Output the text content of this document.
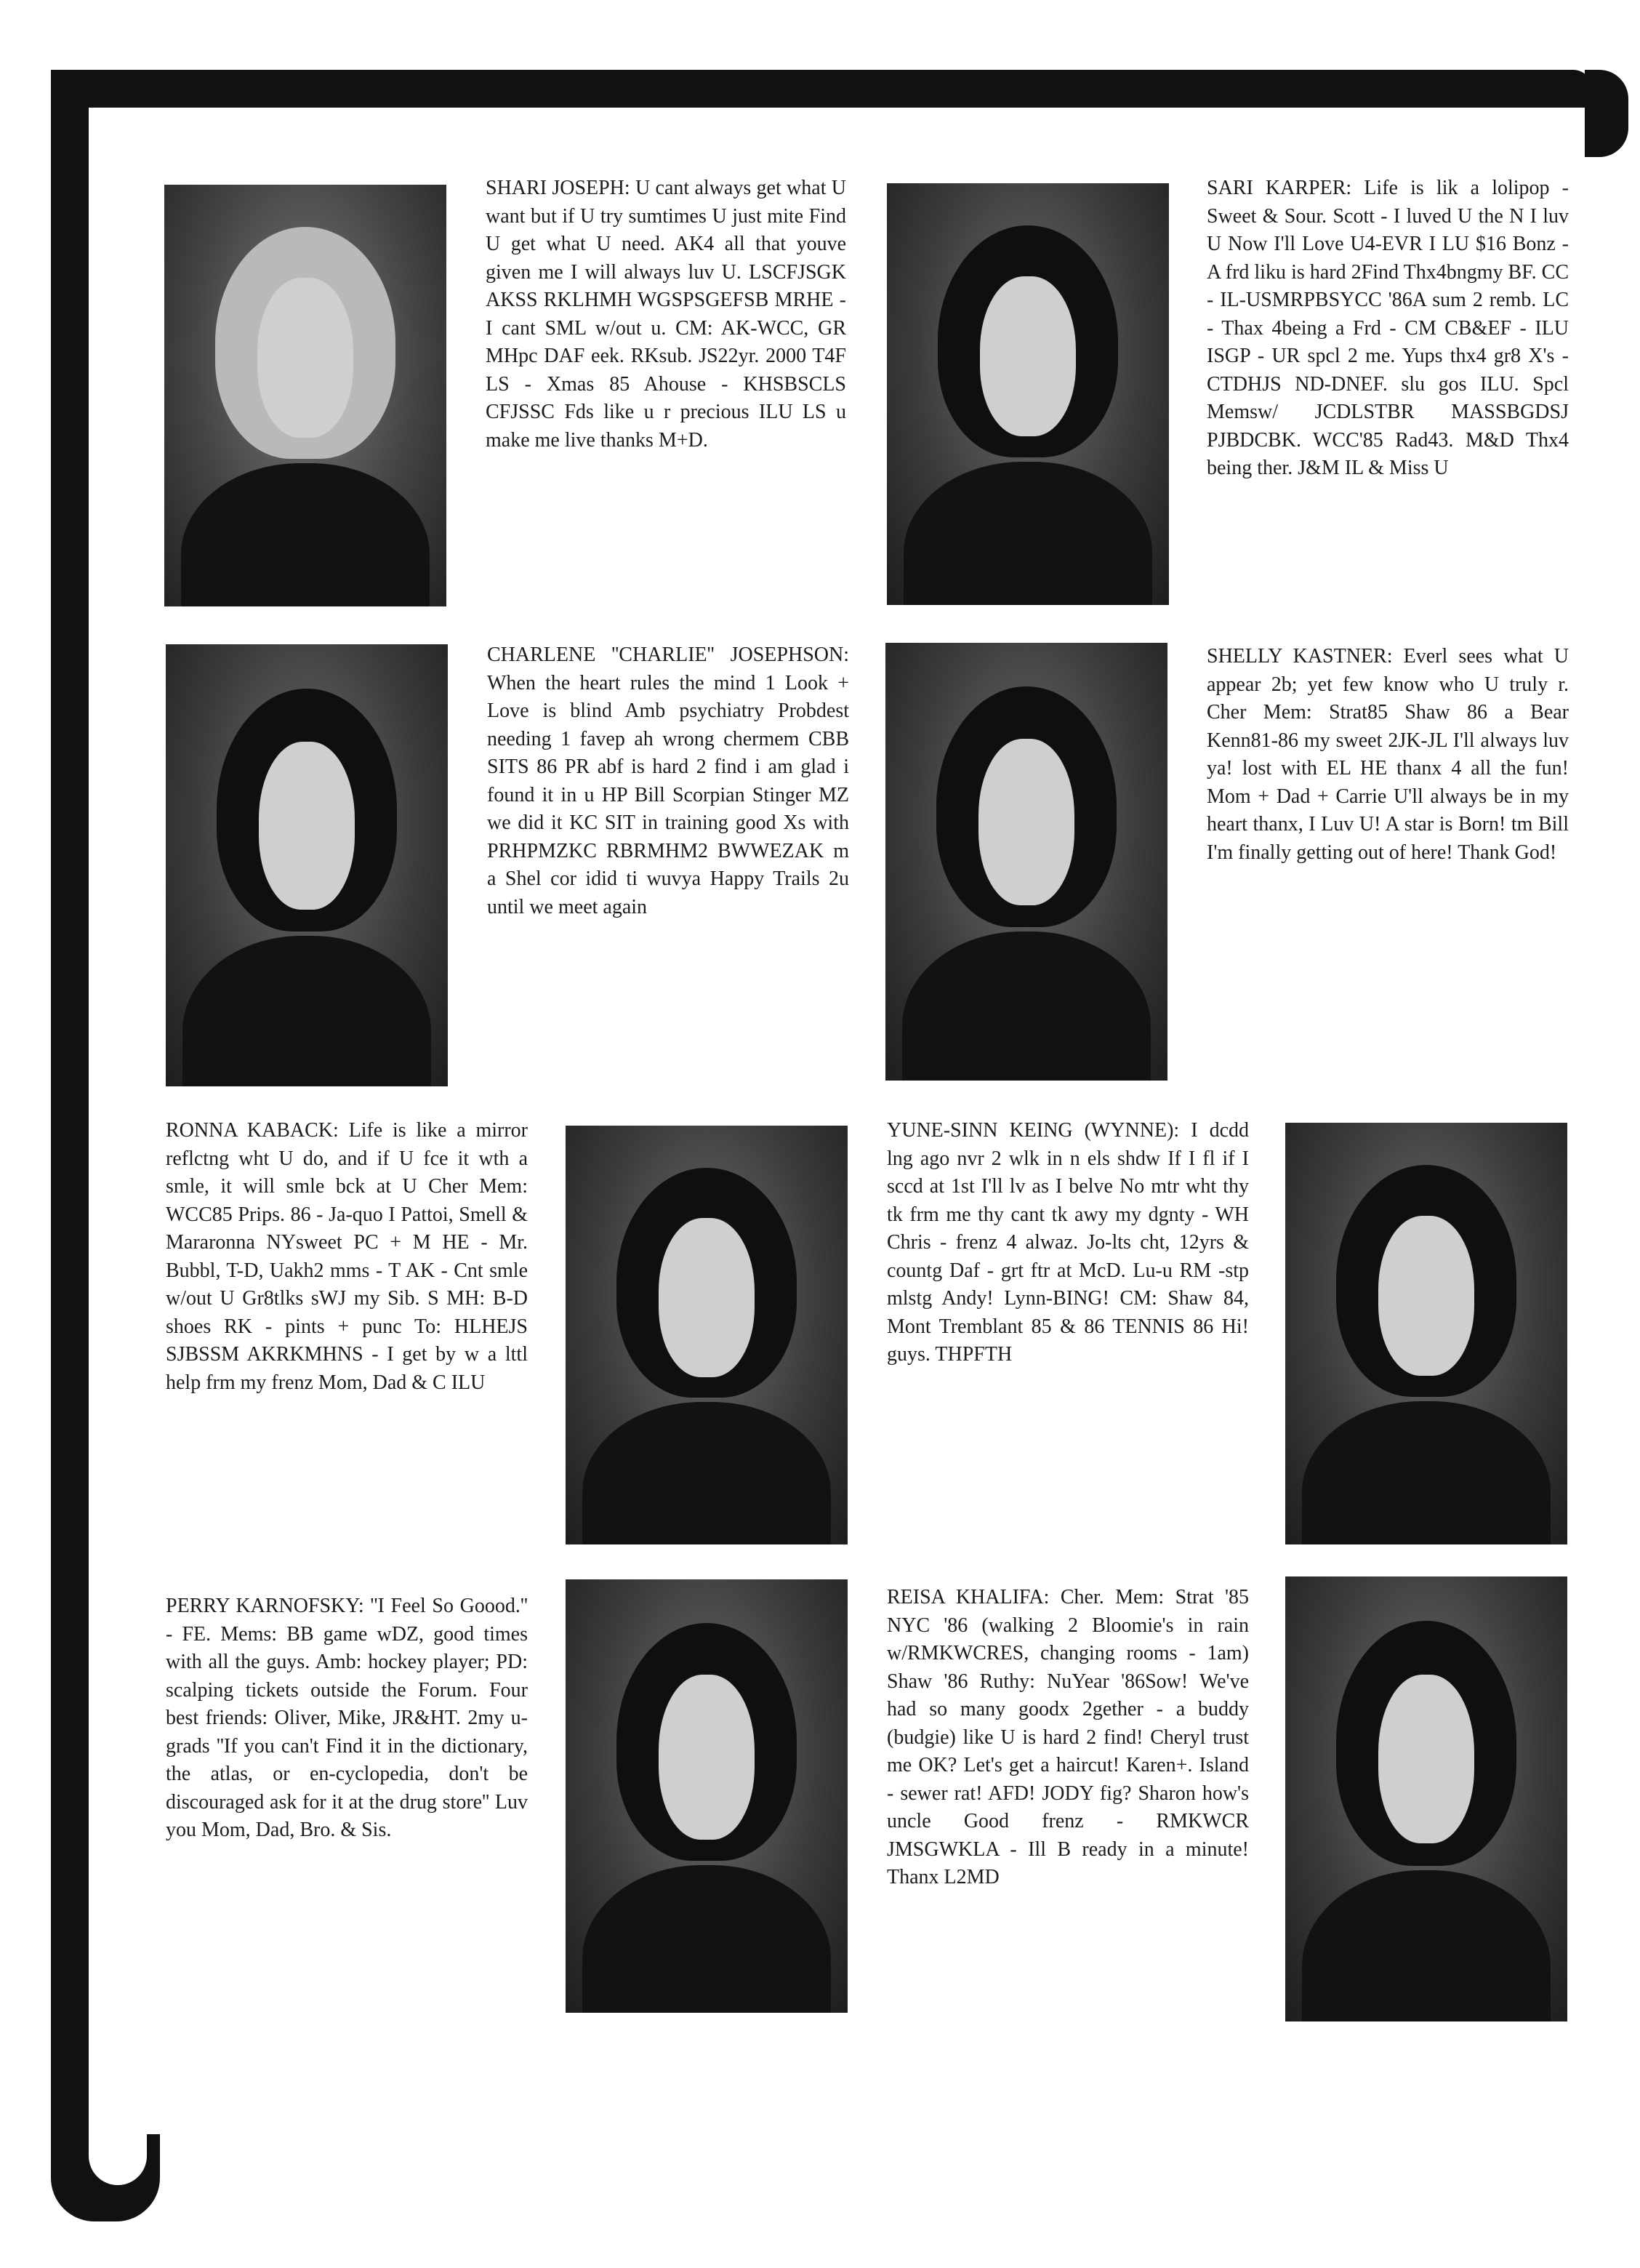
SHARI JOSEPH: U cant always get what U want but if U try sumtimes U just mite Find U get what U need. AK4 all that youve given me I will always luv U. LSCFJSGK AKSS RKLHMH WGSPSGEFSB MRHE - I cant SML w/out u. CM: AK-WCC, GR MHpc DAF eek. RKsub. JS22yr. 2000 T4F LS - Xmas 85 Ahouse - KHSBSCLS CFJSSC Fds like u r precious ILU LS u make me live thanks M+D.
SARI KARPER: Life is lik a lolipop - Sweet & Sour. Scott - I luved U the N I luv U Now I'll Love U4-EVR I LU $16 Bonz - A frd liku is hard 2Find Thx4bngmy BF. CC - IL-USMRPBSYCC '86A sum 2 remb. LC - Thax 4being a Frd - CM CB&EF - ILU ISGP - UR spcl 2 me. Yups thx4 gr8 X's - CTDHJS ND-DNEF. slu gos ILU. Spcl Memsw/ JCDLSTBR MASSBGDSJ PJBDCBK. WCC'85 Rad43. M&D Thx4 being ther. J&M IL & Miss U
CHARLENE ''CHARLIE'' JOSEPHSON: When the heart rules the mind 1 Look + Love is blind Amb psychiatry Probdest needing 1 favep ah wrong chermem CBB SITS 86 PR abf is hard 2 find i am glad i found it in u HP Bill Scorpian Stinger MZ we did it KC SIT in training good Xs with PRHPMZKC RBRMHM2 BWWEZAK m a Shel cor idid ti wuvya Happy Trails 2u until we meet again
SHELLY KASTNER: Everl sees what U appear 2b; yet few know who U truly r. Cher Mem: Strat85 Shaw 86 a Bear Kenn81-86 my sweet 2JK-JL I'll always luv ya! lost with EL HE thanx 4 all the fun! Mom + Dad + Carrie U'll always be in my heart thanx, I Luv U! A star is Born! tm Bill I'm finally getting out of here! Thank God!
RONNA KABACK: Life is like a mirror reflctng wht U do, and if U fce it wth a smle, it will smle bck at U Cher Mem: WCC85 Prips. 86 - Ja-quo I Pattoi, Smell & Mararonna NYsweet PC + M HE - Mr. Bubbl, T-D, Uakh2 mms - T AK - Cnt smle w/out U Gr8tlks sWJ my Sib. S MH: B-D shoes RK - pints + punc To: HLHEJS SJBSSM AKRKMHNS - I get by w a lttl help frm my frenz Mom, Dad & C ILU
YUNE-SINN KEING (WYNNE): I dcdd lng ago nvr 2 wlk in n els shdw If I fl if I sccd at 1st I'll lv as I belve No mtr wht thy tk frm me thy cant tk awy my dgnty - WH Chris - frenz 4 alwaz. Jo-lts cht, 12yrs & countg Daf - grt ftr at McD. Lu-u RM -stp mlstg Andy! Lynn-BING! CM: Shaw 84, Mont Tremblant 85 & 86 TENNIS 86 Hi! guys. THPFTH
PERRY KARNOFSKY: ''I Feel So Goood.'' - FE. Mems: BB game wDZ, good times with all the guys. Amb: hockey player; PD: scalping tickets outside the Forum. Four best friends: Oliver, Mike, JR&HT. 2my u-grads ''If you can't Find it in the dictionary, the atlas, or en-cyclopedia, don't be discouraged ask for it at the drug store'' Luv you Mom, Dad, Bro. & Sis.
REISA KHALIFA: Cher. Mem: Strat '85 NYC '86 (walking 2 Bloomie's in rain w/RMKWCRES, changing rooms - 1am) Shaw '86 Ruthy: NuYear '86Sow! We've had so many goodx 2gether - a buddy (budgie) like U is hard 2 find! Cheryl trust me OK? Let's get a haircut! Karen+. Island - sewer rat! AFD! JODY fig? Sharon how's uncle Good frenz - RMKWCR JMSGWKLA - Ill B ready in a minute! Thanx L2MD
